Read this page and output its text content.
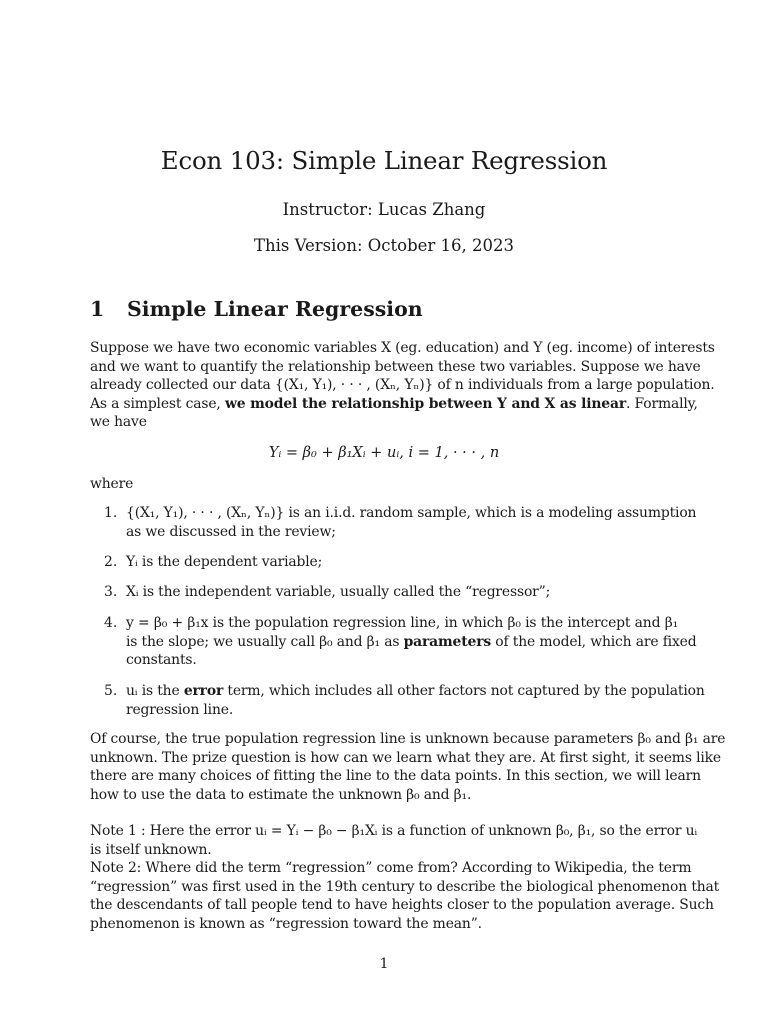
Econ 103: Simple Linear Regression
Instructor: Lucas Zhang
This Version: October 16, 2023
1 Simple Linear Regression
Suppose we have two economic variables X (eg. education) and Y (eg. income) of interests
and we want to quantify the relationship between these two variables. Suppose we have
already collected our data {(X₁, Y₁), · · · , (Xₙ, Yₙ)} of n individuals from a large population.
As a simplest case, we model the relationship between Y and X as linear . Formally,
we have
Yᵢ = β₀ + β₁Xᵢ + uᵢ, i = 1, · · · , n
where
1. {(X₁, Y₁), · · · , (Xₙ, Yₙ)} is an i.i.d. random sample, which is a modeling assumption
as we discussed in the review;
2. Yᵢ is the dependent variable;
3. Xᵢ is the independent variable, usually called the “regressor”;
4. y = β₀ + β₁x is the population regression line, in which β₀ is the intercept and β₁
is the slope; we usually call β₀ and β₁ as parameters of the model, which are fixed
constants.
5. uᵢ is the error term, which includes all other factors not captured by the population
regression line.
Of course, the true population regression line is unknown because parameters β₀ and β₁ are
unknown. The prize question is how can we learn what they are. At first sight, it seems like
there are many choices of fitting the line to the data points. In this section, we will learn
how to use the data to estimate the unknown β₀ and β₁.
Note 1 : Here the error uᵢ = Yᵢ − β₀ − β₁Xᵢ is a function of unknown β₀, β₁, so the error uᵢ
is itself unknown.
Note 2: Where did the term “regression” come from? According to Wikipedia, the term
“regression” was first used in the 19th century to describe the biological phenomenon that
the descendants of tall people tend to have heights closer to the population average. Such
phenomenon is known as “regression toward the mean”.
1
